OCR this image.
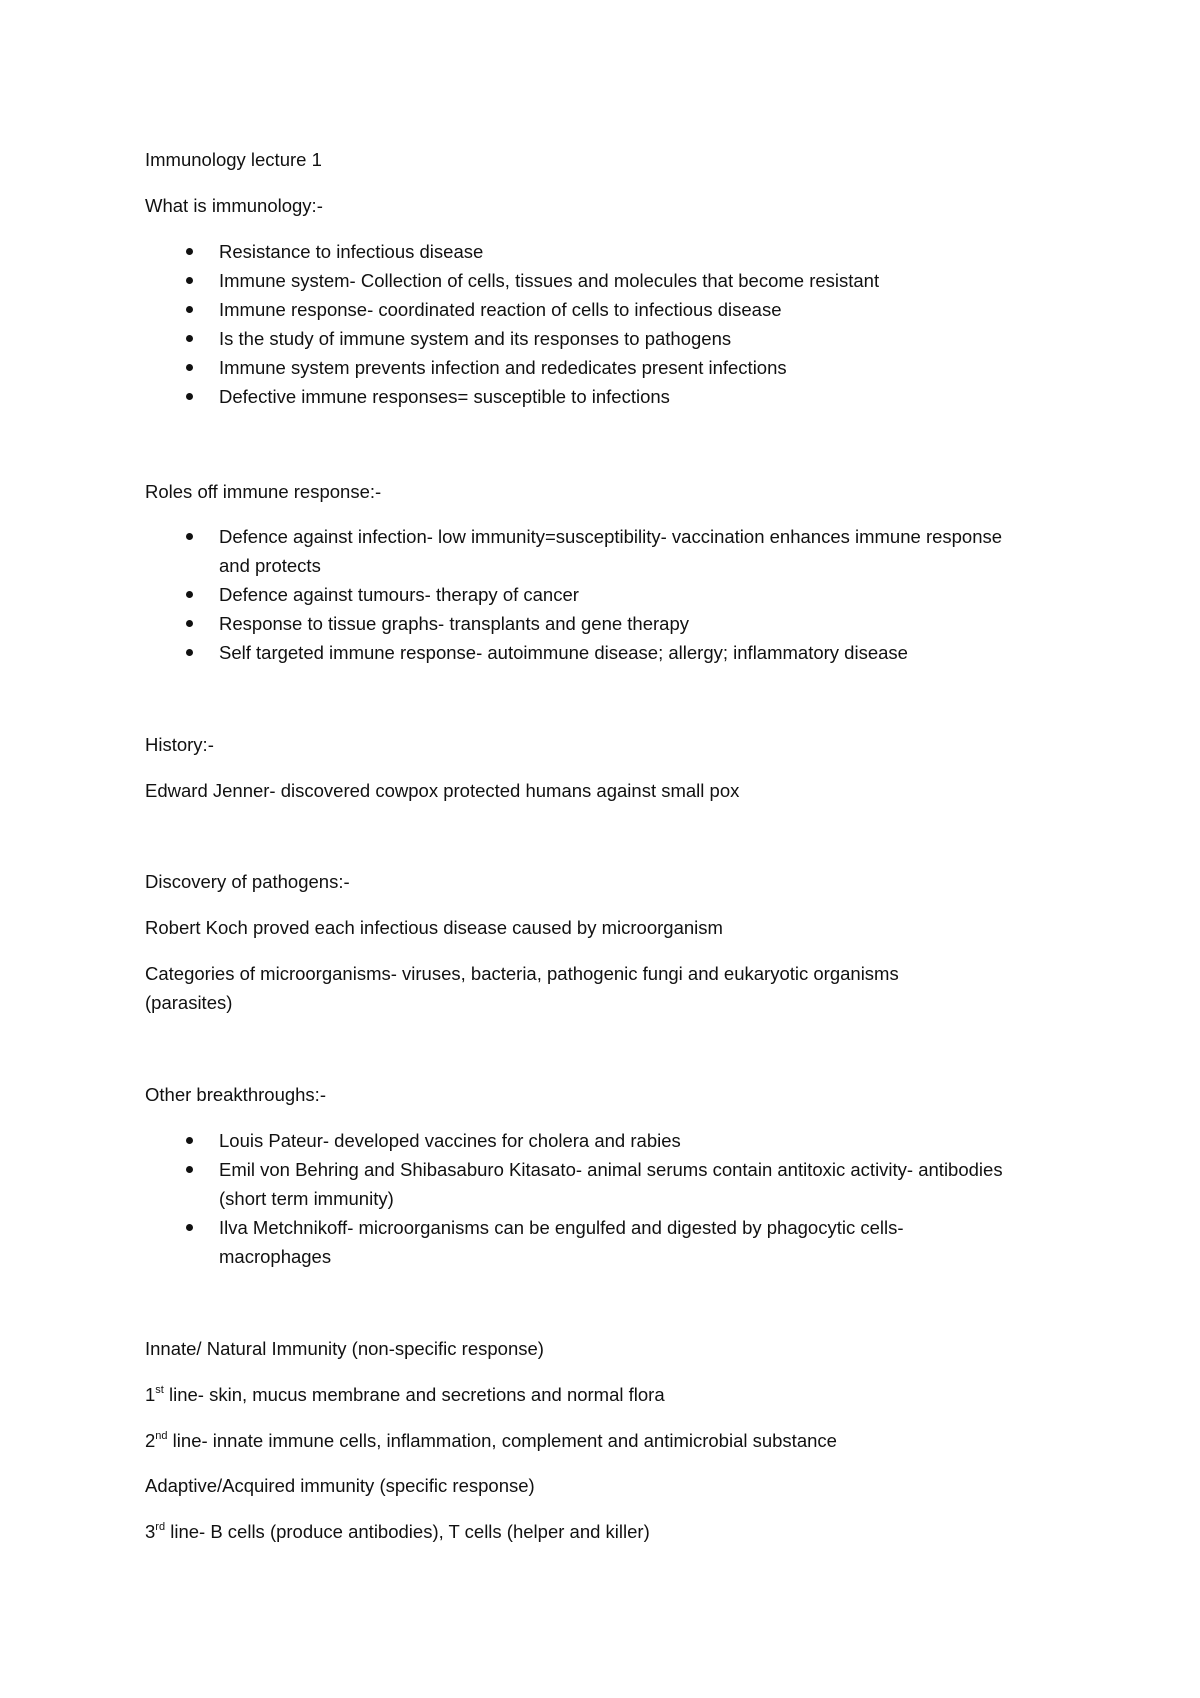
Immunology lecture 1
What is immunology:-
Resistance to infectious disease
Immune system- Collection of cells, tissues and molecules that become resistant
Immune response- coordinated reaction of cells to infectious disease
Is the study of immune system and its responses to pathogens
Immune system prevents infection and rededicates present infections
Defective immune responses= susceptible to infections
Roles off immune response:-
Defence against infection- low immunity=susceptibility- vaccination enhances immune response and protects
Defence against tumours- therapy of cancer
Response to tissue graphs- transplants and gene therapy
Self targeted immune response- autoimmune disease; allergy; inflammatory disease
History:-
Edward Jenner- discovered cowpox protected humans against small pox
Discovery of pathogens:-
Robert Koch proved each infectious disease caused by microorganism
Categories of microorganisms- viruses, bacteria, pathogenic fungi and eukaryotic organisms
(parasites)
Other breakthroughs:-
Louis Pateur- developed vaccines for cholera and rabies
Emil von Behring and Shibasaburo Kitasato- animal serums contain antitoxic activity- antibodies (short term immunity)
Ilva Metchnikoff- microorganisms can be engulfed and digested by phagocytic cells- macrophages
Innate/ Natural Immunity (non-specific response)
1st line- skin, mucus membrane and secretions and normal flora
2nd line- innate immune cells, inflammation, complement and antimicrobial substance
Adaptive/Acquired immunity (specific response)
3rd line- B cells (produce antibodies), T cells (helper and killer)
